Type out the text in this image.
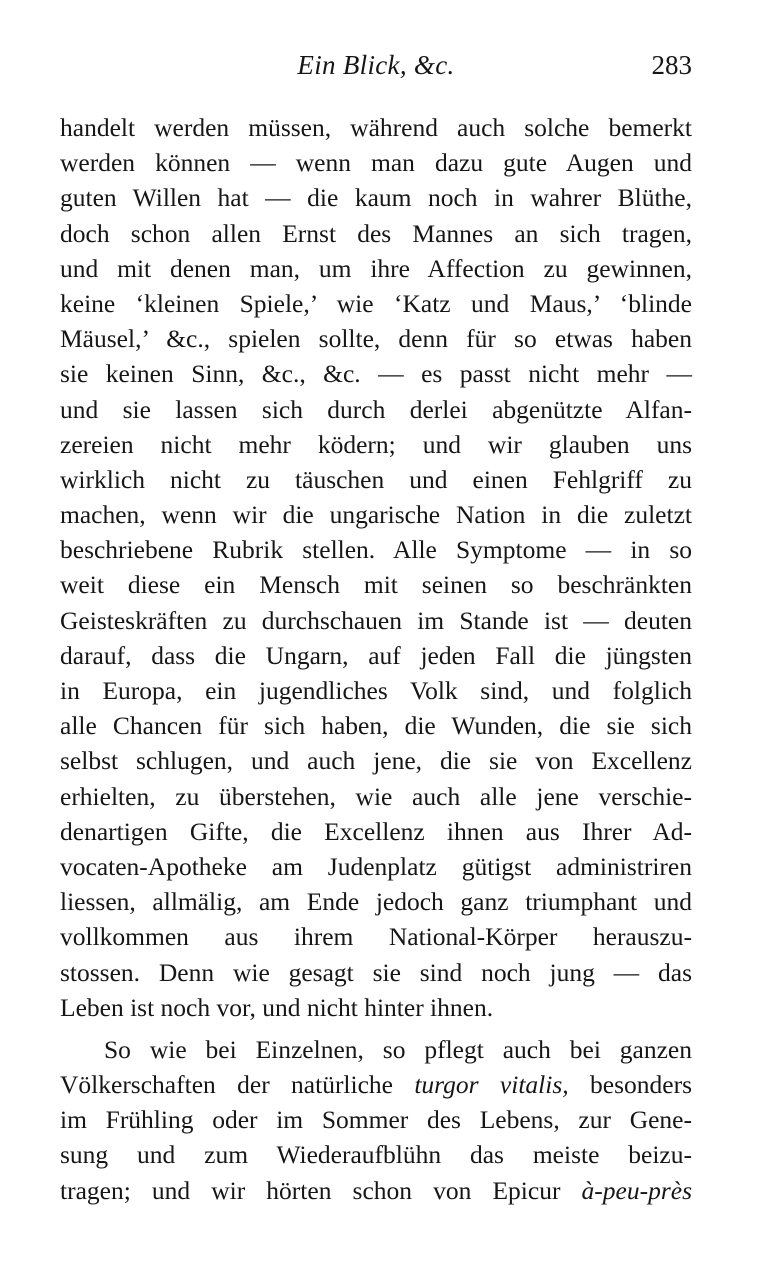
Ein Blick, &c.	283
handelt werden müssen, während auch solche bemerkt
werden können — wenn man dazu gute Augen und
guten Willen hat — die kaum noch in wahrer Blüthe,
doch schon allen Ernst des Mannes an sich tragen,
und mit denen man, um ihre Affection zu gewinnen,
keine ‘kleinen Spiele,’ wie ‘Katz und Maus,’ ‘blinde
Mäusel,’ &c., spielen sollte, denn für so etwas haben
sie keinen Sinn, &c., &c. — es passt nicht mehr —
und sie lassen sich durch derlei abgenützte Alfan-
zereien nicht mehr ködern; und wir glauben uns
wirklich nicht zu täuschen und einen Fehlgriff zu
machen, wenn wir die ungarische Nation in die zuletzt
beschriebene Rubrik stellen. Alle Symptome — in so
weit diese ein Mensch mit seinen so beschränkten
Geisteskräften zu durchschauen im Stande ist — deuten
darauf, dass die Ungarn, auf jeden Fall die jüngsten
in Europa, ein jugendliches Volk sind, und folglich
alle Chancen für sich haben, die Wunden, die sie sich
selbst schlugen, und auch jene, die sie von Excellenz
erhielten, zu überstehen, wie auch alle jene verschie-
denartigen Gifte, die Excellenz ihnen aus Ihrer Ad-
vocaten-Apotheke am Judenplatz gütigst administriren
liessen, allmälig, am Ende jedoch ganz triumphant und
vollkommen aus ihrem National-Körper herauszu-
stossen. Denn wie gesagt sie sind noch jung — das
Leben ist noch vor, und nicht hinter ihnen.
So wie bei Einzelnen, so pflegt auch bei ganzen
Völkerschaften der natürliche turgor vitalis, besonders
im Frühling oder im Sommer des Lebens, zur Gene-
sung und zum Wiederaufblühn das meiste beizu-
tragen; und wir hörten schon von Epicur à-peu-près
